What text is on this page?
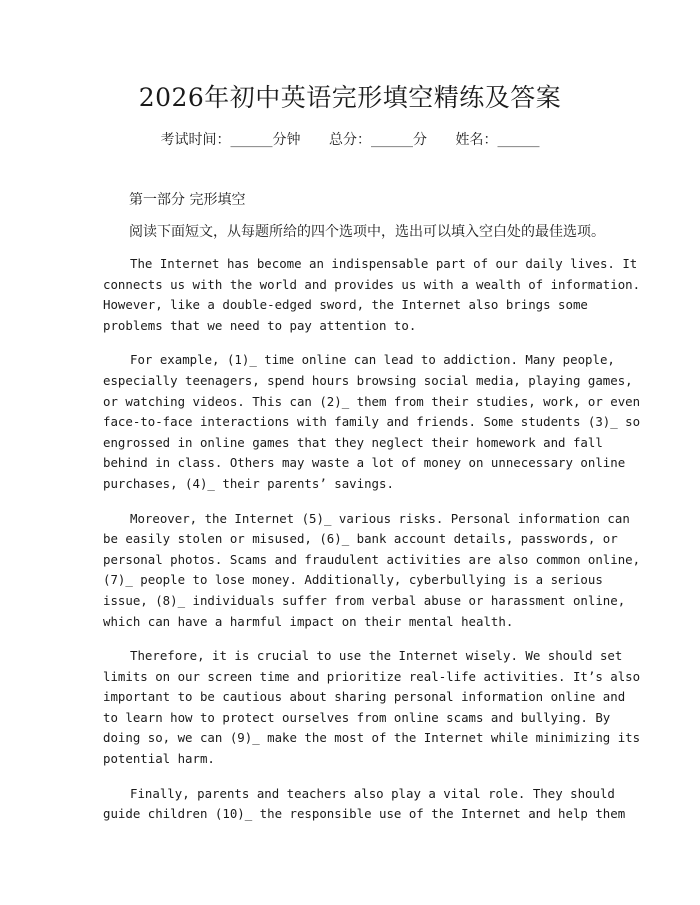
2026年初中英语完形填空精练及答案
考试时间：______分钟 总分：______分 姓名：______
第一部分 完形填空
阅读下面短文，从每题所给的四个选项中，选出可以填入空白处的最佳选项。
The Internet has become an indispensable part of our daily lives. It
connects us with the world and provides us with a wealth of information.
However, like a double-edged sword, the Internet also brings some
problems that we need to pay attention to.
For example, (1)_ time online can lead to addiction. Many people,
especially teenagers, spend hours browsing social media, playing games,
or watching videos. This can (2)_ them from their studies, work, or even
face-to-face interactions with family and friends. Some students (3)_ so
engrossed in online games that they neglect their homework and fall
behind in class. Others may waste a lot of money on unnecessary online
purchases, (4)_ their parents’ savings.
Moreover, the Internet (5)_ various risks. Personal information can
be easily stolen or misused, (6)_ bank account details, passwords, or
personal photos. Scams and fraudulent activities are also common online,
(7)_ people to lose money. Additionally, cyberbullying is a serious
issue, (8)_ individuals suffer from verbal abuse or harassment online,
which can have a harmful impact on their mental health.
Therefore, it is crucial to use the Internet wisely. We should set
limits on our screen time and prioritize real-life activities. It’s also
important to be cautious about sharing personal information online and
to learn how to protect ourselves from online scams and bullying. By
doing so, we can (9)_ make the most of the Internet while minimizing its
potential harm.
Finally, parents and teachers also play a vital role. They should
guide children (10)_ the responsible use of the Internet and help them
